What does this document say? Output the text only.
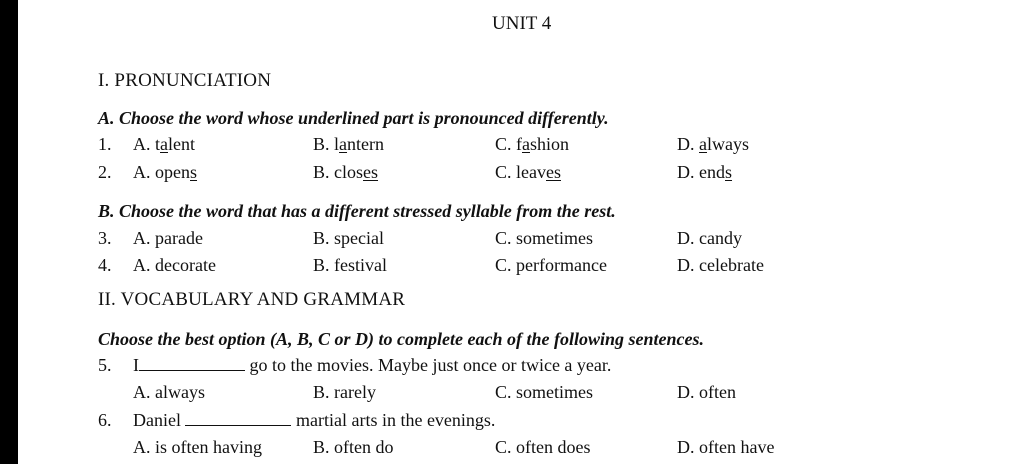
UNIT 4
I. PRONUNCIATION
A. Choose the word whose underlined part is pronounced differently.
1. A. talent	B. lantern	C. fashion	D. always
2. A. opens	B. closes	C. leaves	D. ends
B. Choose the word that has a different stressed syllable from the rest.
3. A. parade	B. special	C. sometimes	D. candy
4. A. decorate	B. festival	C. performance	D. celebrate
II. VOCABULARY AND GRAMMAR
Choose the best option (A, B, C or D) to complete each of the following sentences.
5. I	go to the movies. Maybe just once or twice a year.
A. always	B. rarely	C. sometimes	D. often
6. Daniel	martial arts in the evenings.
A. is often having	B. often do	C. often does	D. often have
